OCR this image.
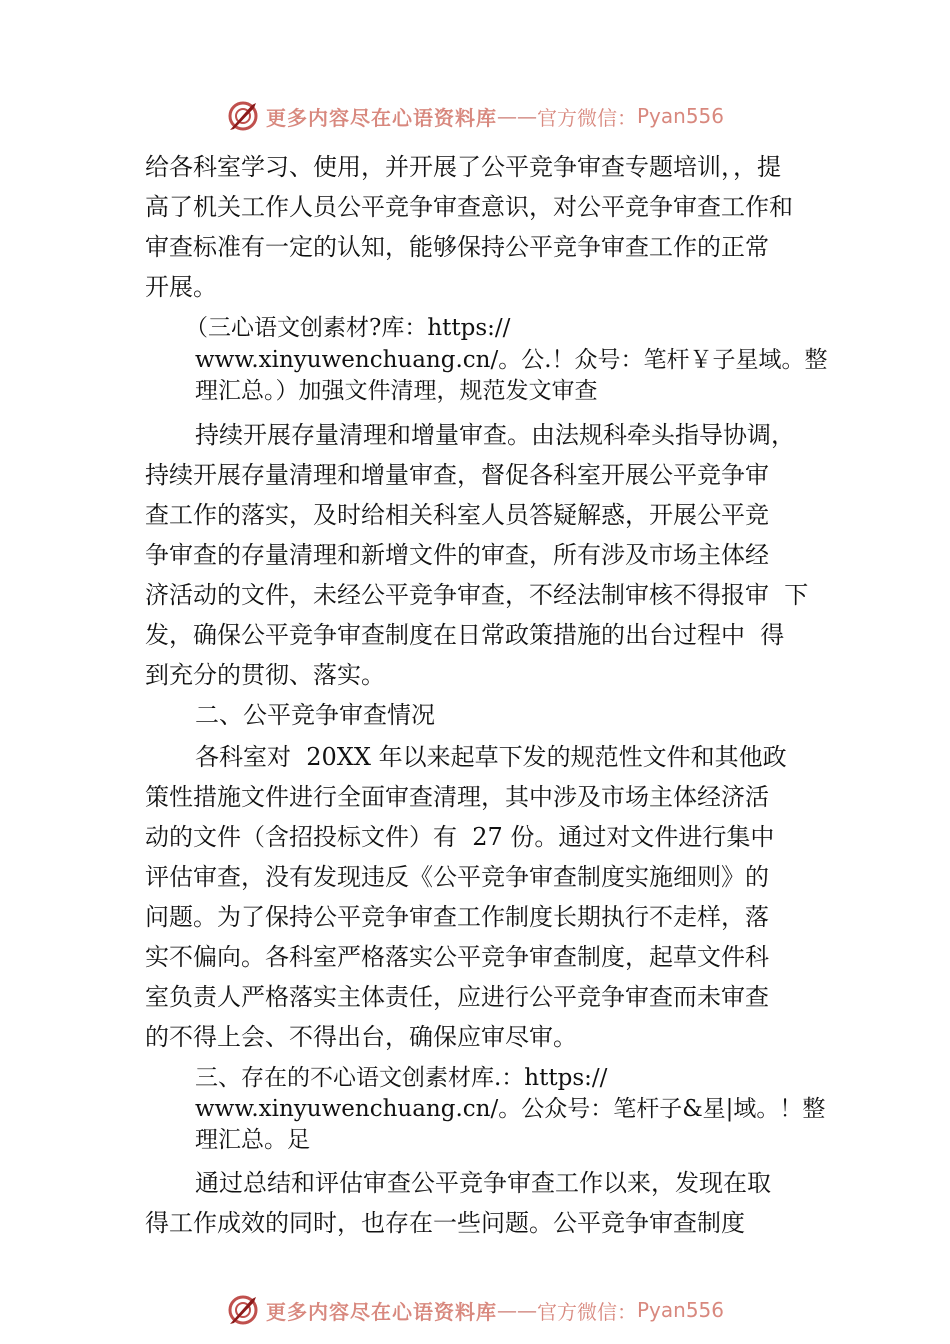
更多内容尽在心语资料库 —— 官方微信： Pyan556
给各科室学习、使用，并开展了公平竞争审查专题培训，，提
高了机关工作人员公平竞争审查意识，对公平竞争审查工作和
审查标准有一定的认知，能够保持公平竞争审查工作的正常
开展。
（三心语文创素材?库：https://
www.xinyuwenchuang.cn/。公.！众号：笔杆￥子星域。整
理汇总。）加强文件清理，规范发文审查
持续开展存量清理和增量审查。由法规科牵头指导协调，
持续开展存量清理和增量审查，督促各科室开展公平竞争审
查工作的落实，及时给相关科室人员答疑解惑，开展公平竞
争审查的存量清理和新增文件的审查，所有涉及市场主体经
济活动的文件，未经公平竞争审查，不经法制审核不得报审  下
发，确保公平竞争审查制度在日常政策措施的出台过程中  得
到充分的贯彻、落实。
二、公平竞争审查情况
各科室对  20XX 年以来起草下发的规范性文件和其他政
策性措施文件进行全面审查清理，其中涉及市场主体经济活
动的文件（含招投标文件）有  27 份。通过对文件进行集中
评估审查，没有发现违反《公平竞争审查制度实施细则》的
问题。为了保持公平竞争审查工作制度长期执行不走样，落
实不偏向。各科室严格落实公平竞争审查制度，起草文件科
室负责人严格落实主体责任，应进行公平竞争审查而未审查
的不得上会、不得出台，确保应审尽审。
三、存在的不心语文创素材库.：https://
www.xinyuwenchuang.cn/。公众号：笔杆子&星|域。！整
理汇总。足
通过总结和评估审查公平竞争审查工作以来，发现在取
得工作成效的同时，也存在一些问题。公平竞争审查制度
更多内容尽在心语资料库 —— 官方微信： Pyan556
